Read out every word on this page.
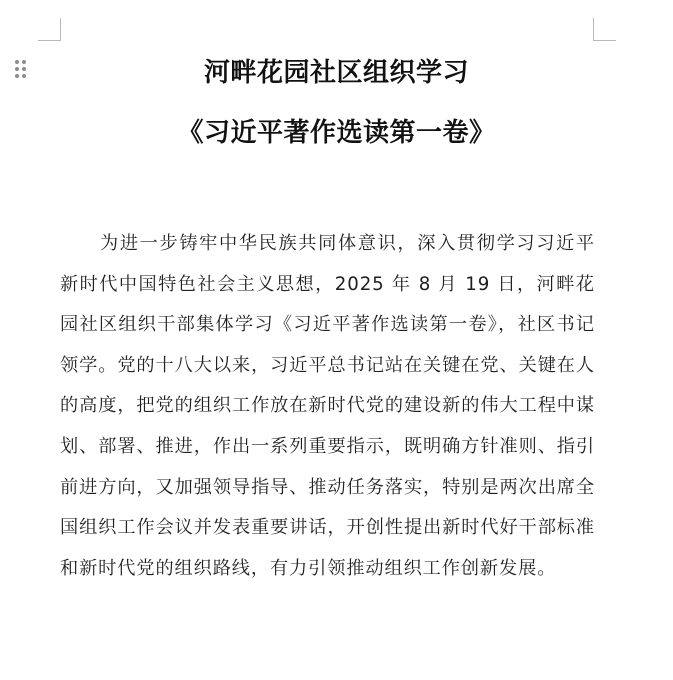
河畔花园社区组织学习
《习近平著作选读第一卷》

为进一步铸牢中华民族共同体意识，深入贯彻学习习近平新时代中国特色社会主义思想，2025 年 8 月 19 日，河畔花园社区组织干部集体学习《习近平著作选读第一卷》，社区书记领学。党的十八大以来，习近平总书记站在关键在党、关键在人的高度，把党的组织工作放在新时代党的建设新的伟大工程中谋划、部署、推进，作出一系列重要指示，既明确方针准则、指引前进方向，又加强领导指导、推动任务落实，特别是两次出席全国组织工作会议并发表重要讲话，开创性提出新时代好干部标准和新时代党的组织路线，有力引领推动组织工作创新发展。
